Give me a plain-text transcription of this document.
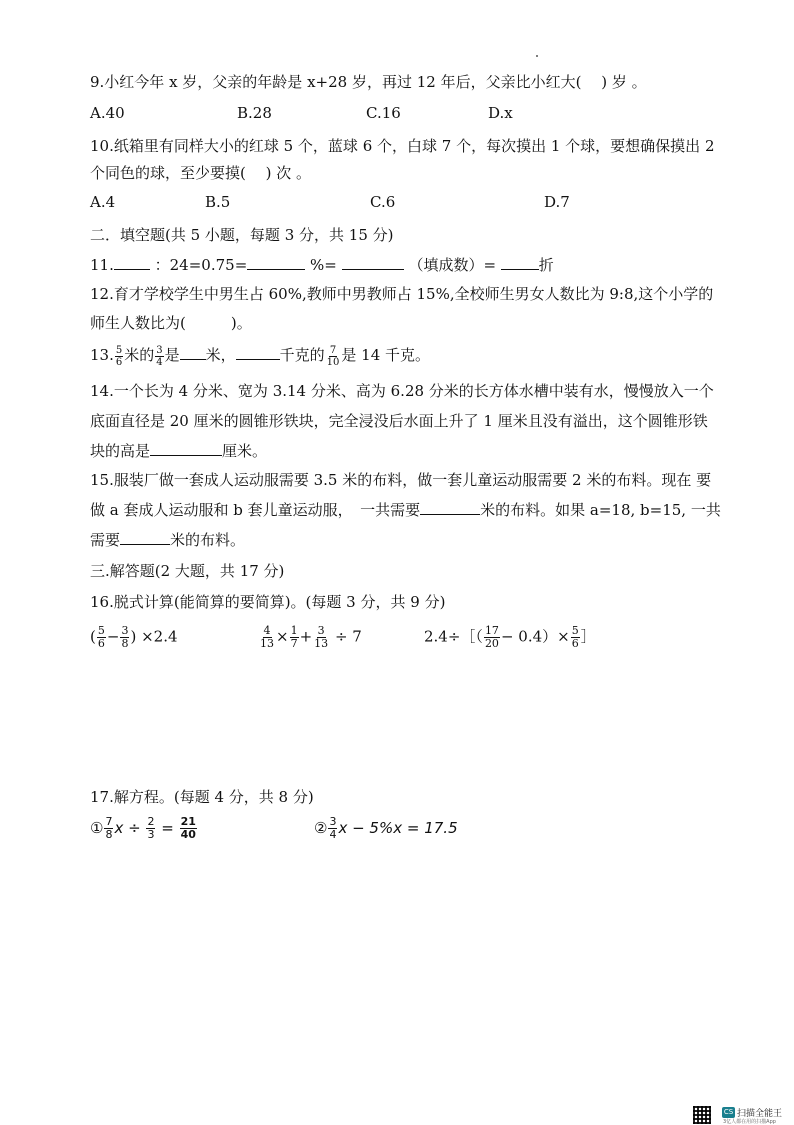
9.小红今年 x 岁，父亲的年龄是 x+28 岁，再过 12 年后，父亲比小红大(　 ) 岁 。
A.40	B.28	C.16	D.x
10.纸箱里有同样大小的红球 5 个，蓝球 6 个，白球 7 个，每次摸出 1 个球，要想确保摸出 2
个同色的球，至少要摸(　 ) 次 。
A.4	B.5	C.6	D.7
二．填空题(共 5 小题，每题 3 分，共 15 分)
11.	：24=0.75=	%=	（填成数）=	折
12.育才学校学生中男生占 60%,教师中男教师占 15%,全校师生男女人数比为 9:8,这个小学的
师生人数比为(　　　)。
13. $\frac{5}{6}$ 米的 $\frac{3}{4}$ 是 米，	千克的 $\frac{7}{10}$ 是 14 千克。
14.一个长为 4 分米、宽为 3.14 分米、高为 6.28 分米的长方体水槽中装有水，慢慢放入一个
底面直径是 20 厘米的圆锥形铁块，完全浸没后水面上升了 1 厘米且没有溢出，这个圆锥形铁
块的高是	厘米。
15.服装厂做一套成人运动服需要 3.5 米的布料，做一套儿童运动服需要 2 米的布料。现在 要
做 a 套成人运动服和 b 套儿童运动服，　一共需要	米的布料。如果 a=18, b=15, 一共
需要	米的布料。
三.解答题(2 大题，共 17 分)
16.脱式计算(能简算的要简算)。(每题 3 分，共 9 分)
( $\frac{5}{6} - \frac{3}{8}$ ) ×2.4	$\frac{4}{13} \times \frac{1}{7} + \frac{3}{13} \div 7$	2.4÷［（ $\frac{17}{20} - 0.4)\times \frac{5}{6}$ ］
17.解方程。(每题 4 分，共 8 分)
① $\frac{7}{8}$ $x \div \frac{2}{3} = \frac{21}{40}$	② $\frac{3}{4}$ x − 5%x = 17.5
CS 扫描全能王
3亿人都在用的扫描App
